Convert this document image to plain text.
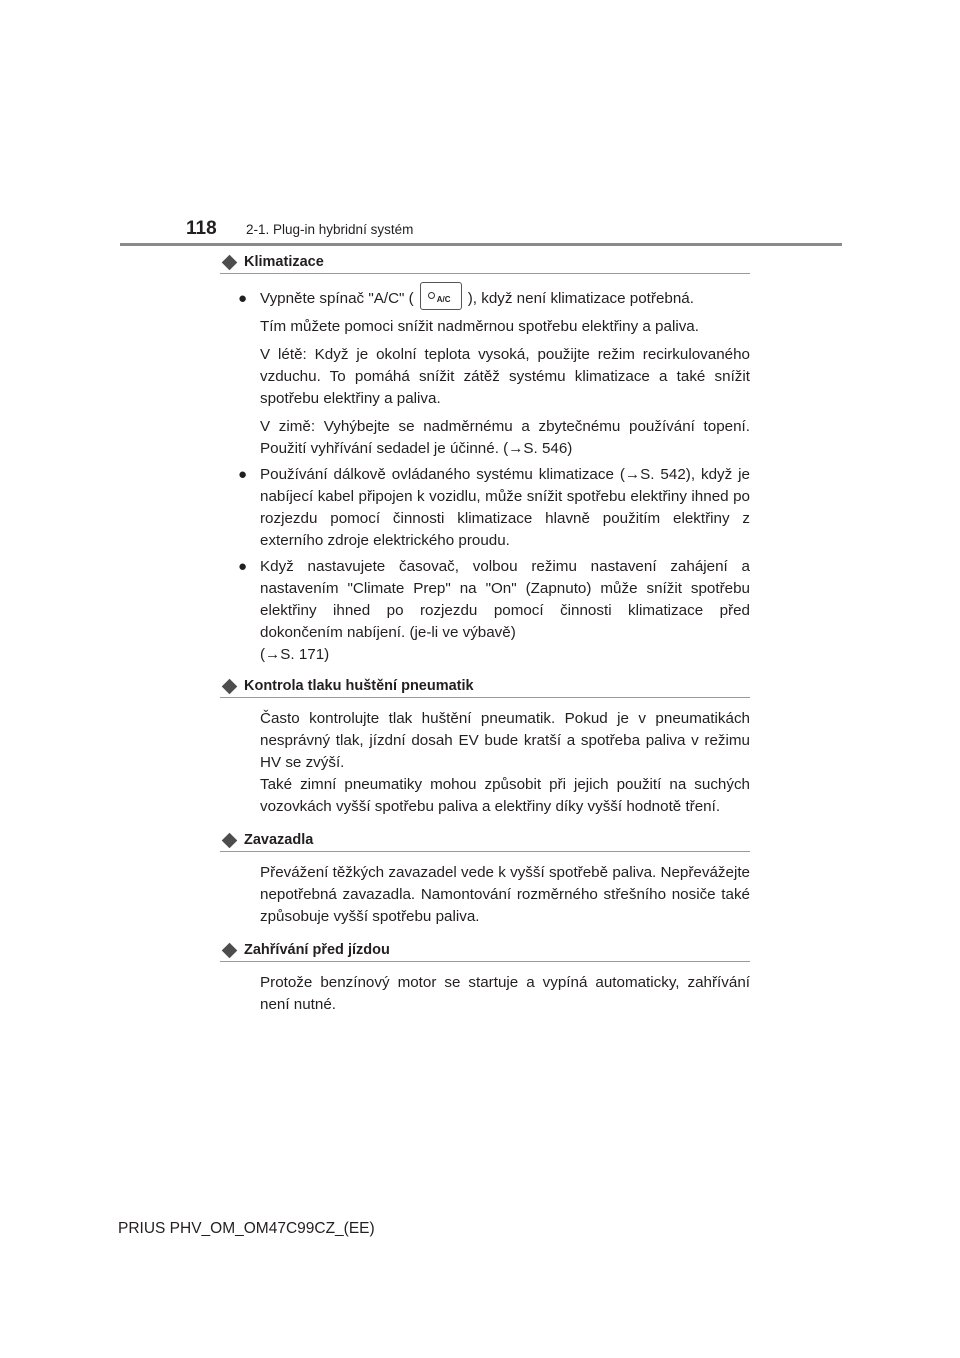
118	2-1. Plug-in hybridní systém
Klimatizace
● Vypněte spínač "A/C" (	A/C ), když není klimatizace potřebná.

Tím můžete pomoci snížit nadměrnou spotřebu elektřiny a paliva.

V létě: Když je okolní teplota vysoká, použijte režim recirkulovaného vzduchu. To pomáhá snížit zátěž systému klimatizace a také snížit spotřebu elektřiny a paliva.

V zimě: Vyhýbejte se nadměrnému a zbytečnému používání topení. Použití vyhřívání sedadel je účinné. (→S. 546)

● Používání dálkově ovládaného systému klimatizace (→S. 542), když je nabíjecí kabel připojen k vozidlu, může snížit spotřebu elektřiny ihned po rozjezdu pomocí činnosti klimatizace hlavně použitím elektřiny z externího zdroje elektrického proudu.

● Když nastavujete časovač, volbou režimu nastavení zahájení a nastavením "Climate Prep" na "On" (Zapnuto) může snížit spotřebu elektřiny ihned po rozjezdu pomocí činnosti klimatizace před dokončením nabíjení. (je-li ve výbavě)

(→S. 171)

Kontrola tlaku huštění pneumatik

Často kontrolujte tlak huštění pneumatik. Pokud je v pneumatikách nesprávný tlak, jízdní dosah EV bude kratší a spotřeba paliva v režimu HV se zvýší.

Také zimní pneumatiky mohou způsobit při jejich použití na suchých vozovkách vyšší spotřebu paliva a elektřiny díky vyšší hodnotě tření.

Zavazadla

Převážení těžkých zavazadel vede k vyšší spotřebě paliva. Nepřevážejte nepotřebná zavazadla. Namontování rozměrného střešního nosiče také způsobuje vyšší spotřebu paliva.

Zahřívání před jízdou

Protože benzínový motor se startuje a vypíná automaticky, zahřívání není nutné.

PRIUS PHV_OM_OM47C99CZ_(EE)
